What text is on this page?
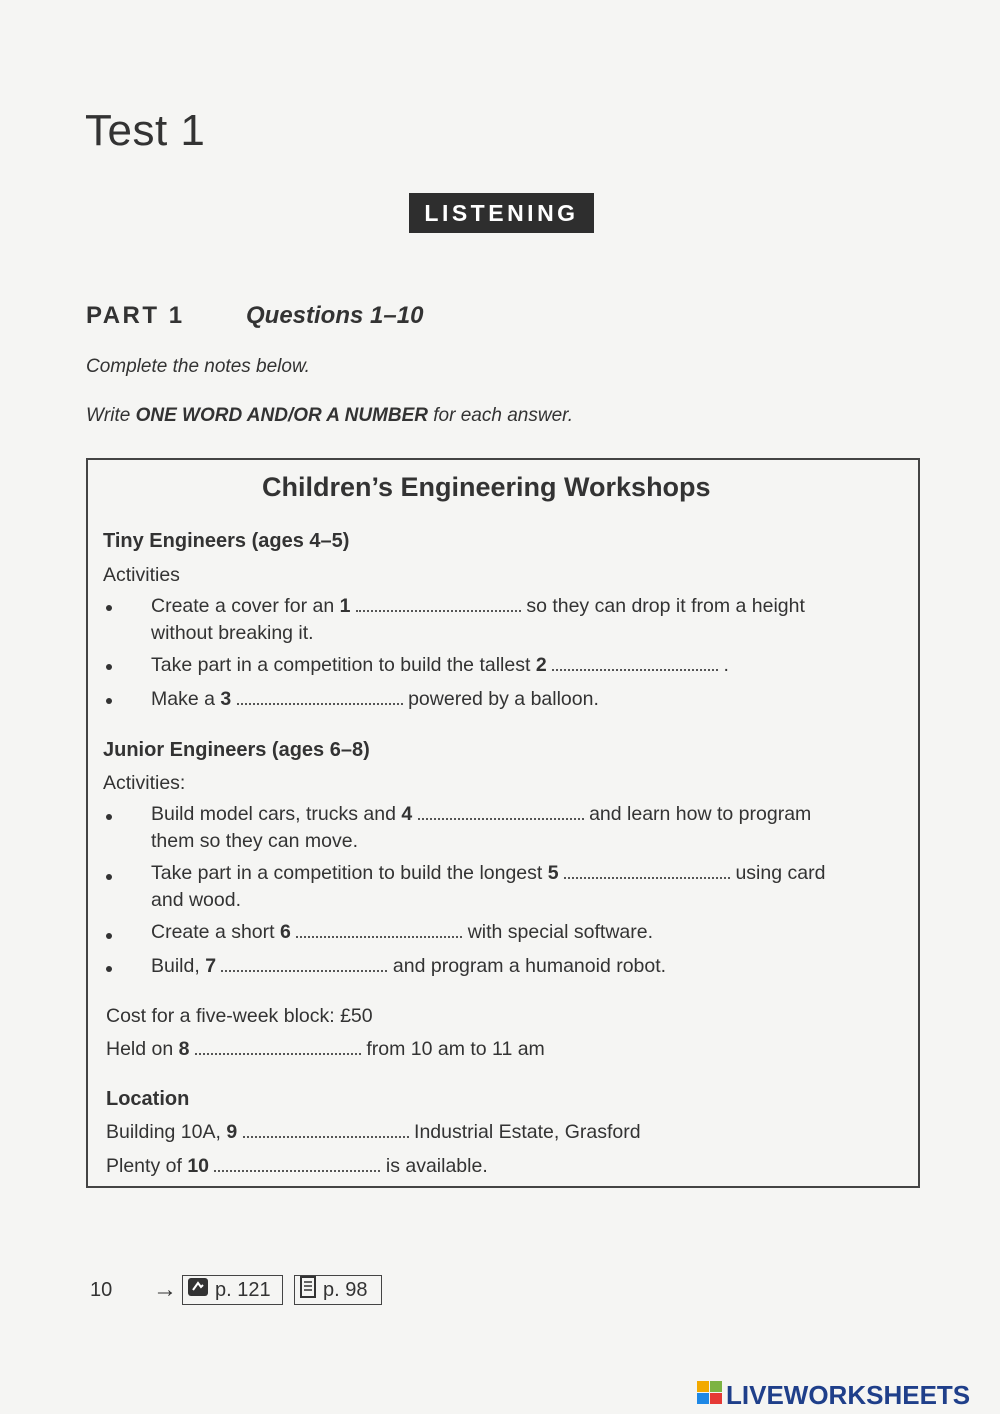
Test 1
LISTENING
PART 1	Questions 1–10
Complete the notes below.
Write ONE WORD AND/OR A NUMBER for each answer.
Children’s Engineering Workshops
Tiny Engineers (ages 4–5)
Activities
Create a cover for an 1	so they can drop it from a height
without breaking it.
Take part in a competition to build the tallest 2	.
Make a 3	powered by a balloon.
Junior Engineers (ages 6–8)
Activities:
Build model cars, trucks and 4	and learn how to program
them so they can move.
Take part in a competition to build the longest 5	using card
and wood.
Create a short 6	with special software.
Build, 7	and program a humanoid robot.
Cost for a five-week block: £50
Held on 8	from 10 am to 11 am
Location
Building 10A, 9	Industrial Estate, Grasford
Plenty of 10	is available.
10 → p. 121	p. 98
LIVEWORKSHEETS
